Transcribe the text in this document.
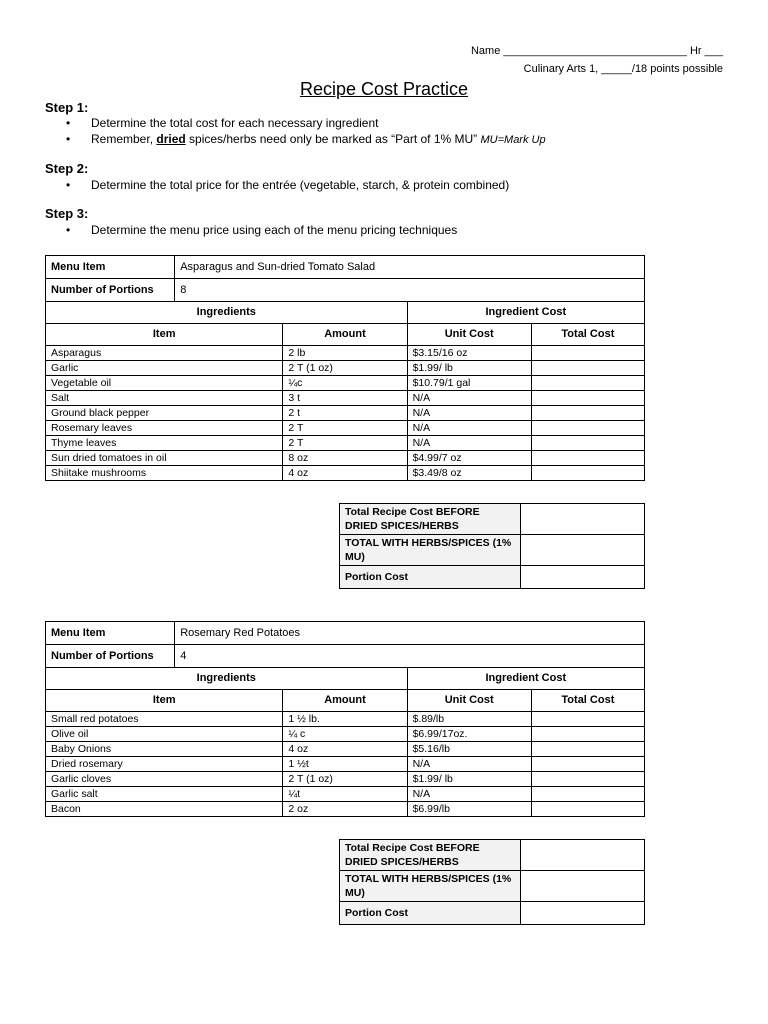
Name ______________________________ Hr ___
Culinary Arts 1, _____/18 points possible
Recipe Cost Practice
Step 1:
• Determine the total cost for each necessary ingredient
• Remember, dried spices/herbs need only be marked as “Part of 1% MU” MU=Mark Up
Step 2:
• Determine the total price for the entrée (vegetable, starch, & protein combined)
Step 3:
• Determine the menu price using each of the menu pricing techniques
Menu Item	Asparagus and Sun-dried Tomato Salad			
Number of Portions	8			
Ingredients			Ingredient Cost	
Item		Amount	Unit Cost	Total Cost
Asparagus		2 lb	$3.15/16 oz	
Garlic		2 T (1 oz)	$1.99/ lb	
Vegetable oil		¼c	$10.79/1 gal	
Salt		3 t	N/A	
Ground black pepper		2 t	N/A	
Rosemary leaves		2 T	N/A	
Thyme leaves		2 T	N/A	
Sun dried tomatoes in oil		8 oz	$4.99/7 oz	
Shiitake mushrooms		4 oz	$3.49/8 oz	
Total Recipe Cost BEFORE DRIED SPICES/HERBS	
TOTAL WITH HERBS/SPICES (1% MU)	
Portion Cost	
Menu Item	Rosemary Red Potatoes			
Number of Portions	4			
Ingredients			Ingredient Cost	
Item		Amount	Unit Cost	Total Cost
Small red potatoes		1 ½ lb.	$.89/lb	
Olive oil		¼ c	$6.99/17oz.	
Baby Onions		4 oz	$5.16/lb	
Dried rosemary		1 ½t	N/A	
Garlic cloves		2 T (1 oz)	$1.99/ lb	
Garlic salt		¼t	N/A	
Bacon		2 oz	$6.99/lb	
Total Recipe Cost BEFORE DRIED SPICES/HERBS	
TOTAL WITH HERBS/SPICES (1% MU)	
Portion Cost	
